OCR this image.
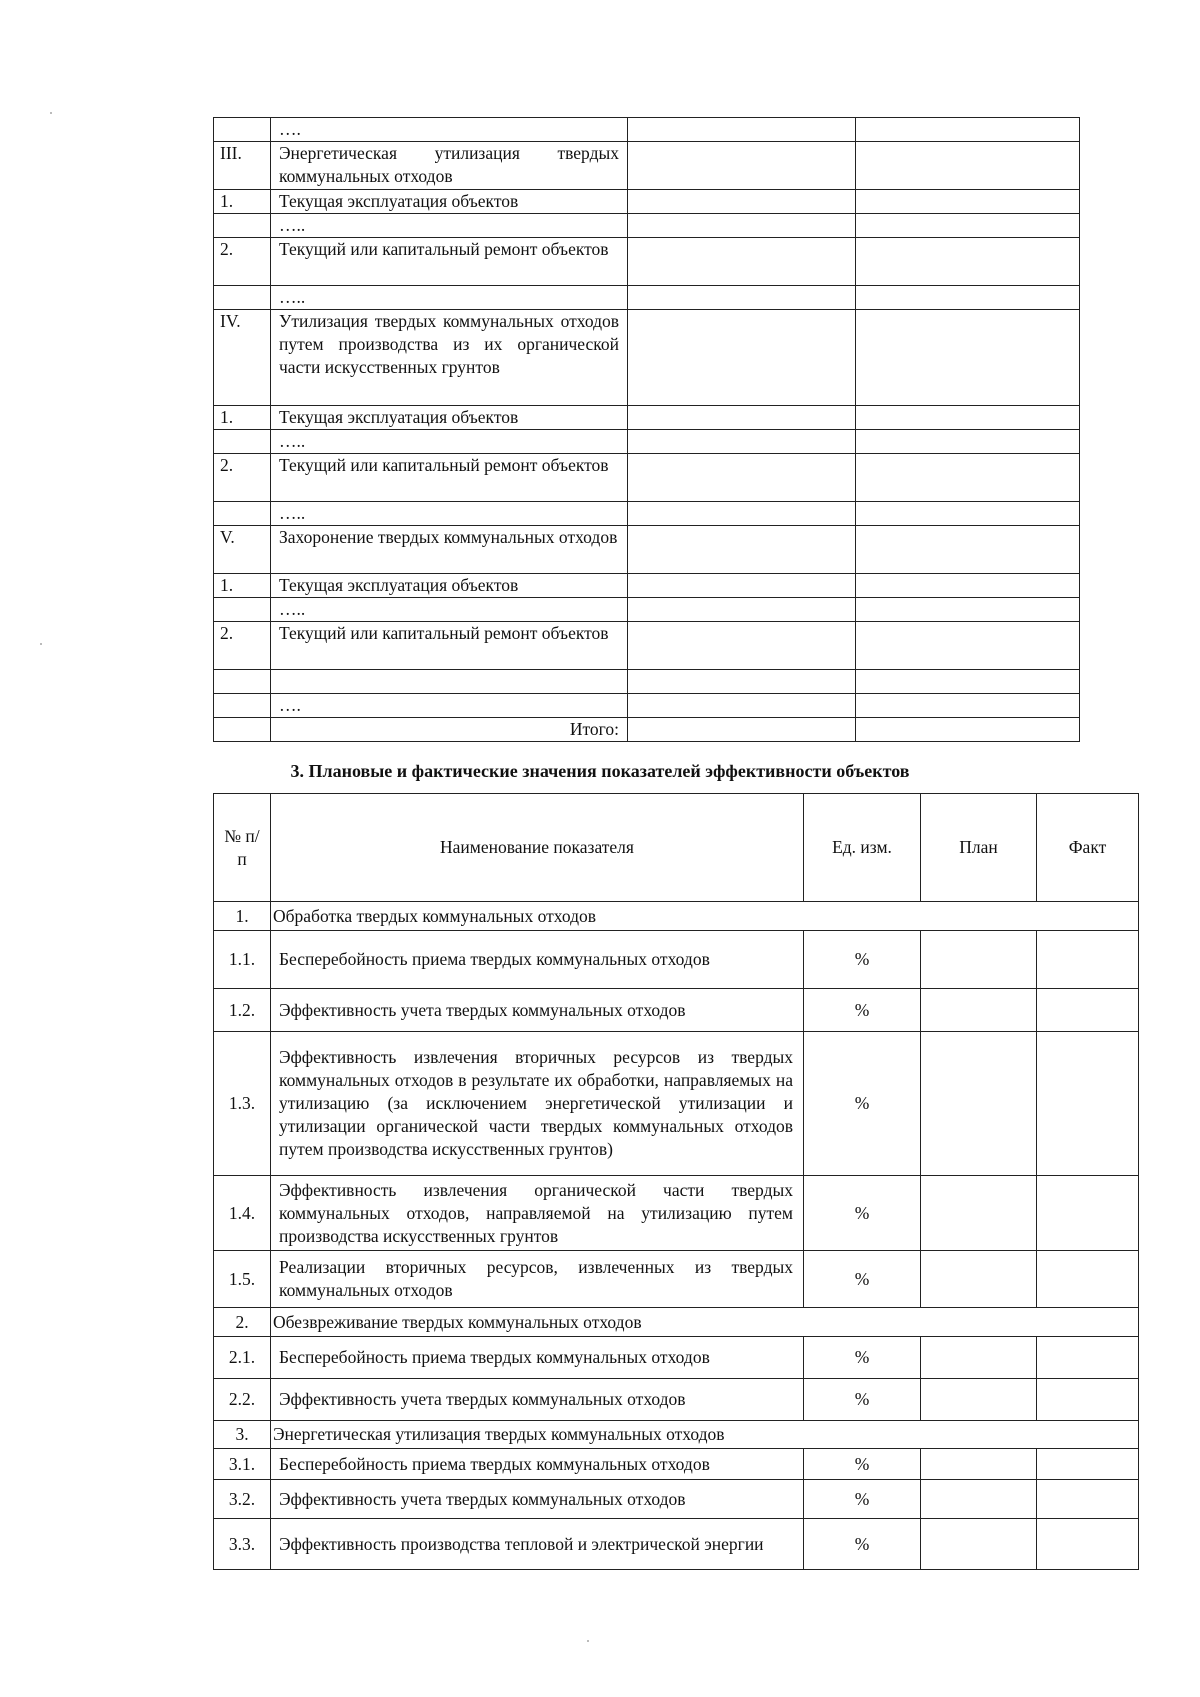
	….		
III.	Энергетическая утилизация твердых коммунальных отходов		
1.	Текущая эксплуатация объектов		
	…..		
2.	Текущий или капитальный ремонт объектов		
	…..		
IV.	Утилизация твердых коммунальных отходов путем производства из их органической части искусственных грунтов		
1.	Текущая эксплуатация объектов		
	…..		
2.	Текущий или капитальный ремонт объектов		
	…..		
V.	Захоронение твердых коммунальных отходов		
1.	Текущая эксплуатация объектов		
	…..		
2.	Текущий или капитальный ремонт объектов		

	….		
	Итого:		
3. Плановые и фактические значения показателей эффективности объектов
№ п/п	Наименование показателя	Ед. изм.	План	Факт
1.	Обработка твердых коммунальных отходов			
1.1.	Бесперебойность приема твердых коммунальных отходов	%		
1.2.	Эффективность учета твердых коммунальных отходов	%		
1.3.	Эффективность извлечения вторичных ресурсов из твердых коммунальных отходов в результате их обработки, направляемых на утилизацию (за исключением энергетической утилизации и утилизации органической части твердых коммунальных отходов путем производства искусственных грунтов)	%		
1.4.	Эффективность извлечения органической части твердых коммунальных отходов, направляемой на утилизацию путем производства искусственных грунтов	%		
1.5.	Реализации вторичных ресурсов, извлеченных из твердых коммунальных отходов	%		
2.	Обезвреживание твердых коммунальных отходов			
2.1.	Бесперебойность приема твердых коммунальных отходов	%		
2.2.	Эффективность учета твердых коммунальных отходов	%		
3.	Энергетическая утилизация твердых коммунальных отходов			
3.1.	Бесперебойность приема твердых коммунальных отходов	%		
3.2.	Эффективность учета твердых коммунальных отходов	%		
3.3.	Эффективность производства тепловой и электрической энергии	%		
